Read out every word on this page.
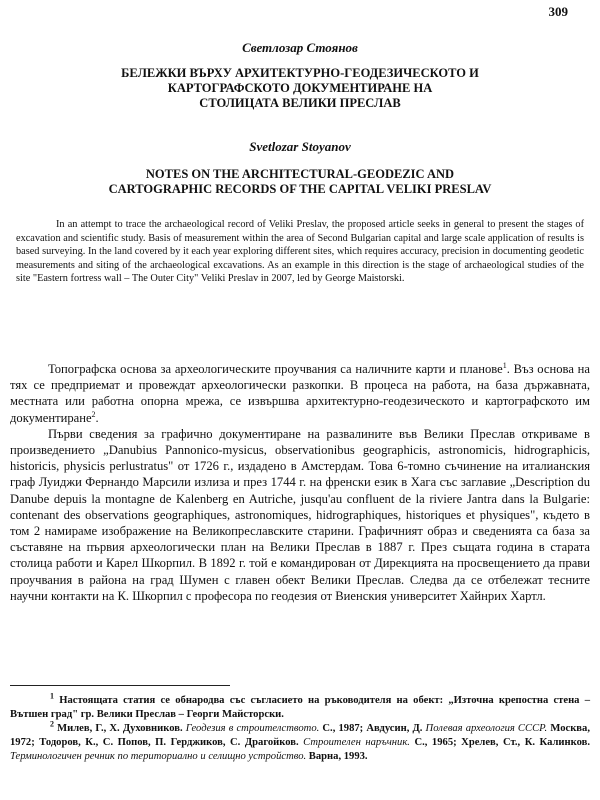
309

Светлозар Стоянов

БЕЛЕЖКИ ВЪРХУ АРХИТЕКТУРНО-ГЕОДЕЗИЧЕСКОТО И

КАРТОГРАФСКОТО ДОКУМЕНТИРАНЕ НА

СТОЛИЦАТА ВЕЛИКИ ПРЕСЛАВ

Svetlozar Stoyanov

NOTES ON THE ARCHITECTURAL-GEODEZIC AND

CARTOGRAPHIC RECORDS OF THE CAPITAL VELIKI PRESLAV

In an attempt to trace the archaeological record of Veliki Preslav, the proposed article seeks in general to present the stages of excavation and scientific study. Basis of measurement within the area of Second Bulgarian capital and large scale application of results is based surveying. In the land covered by it each year exploring different sites, which requires accuracy, precision in documenting geodetic measurements and siting of the archaeological excavations. As an example in this direction is the stage of archaeological studies of the site "Eastern fortress wall – The Outer City" Veliki Preslav in 2007, led by George Maistorski.

Топографска основа за археологическите проучвания са наличните карти и планове$^1$. Въз основа на тях се предприемат и провеждат археологически разкопки. В процеса на работа, на база държавната, местната или работна опорна мрежа, се извършва архитектурно-геодезическото и картографското им документиране$^2$.

Първи сведения за графично документиране на развалините във Велики Преслав откриваме в произведението „Danubius Pannonico-mysicus, observationibus geographicis, astronomicis, hidrographicis, historicis, physicis perlustratus" от 1726 г., издадено в Амстердам. Това 6-томно съчинение на италианския граф Луиджи Фернандо Марсили излиза и през 1744 г. на френски език в Хага със заглавие „Description du Danube depuis la montagne de Kalenberg en Autriche, jusqu'au confluent de la riviere Jantra dans la Bulgarie: contenant des observations geographiques, astronomiques, hidrographiques, historiques et physiques", където в том 2 намираме изображение на Великопреславските старини. Графичният образ и сведенията са база за съставяне на първия археологически план на Велики Преслав в 1887 г. През същата година в старата столица работи и Карел Шкорпил. В 1892 г. той е командирован от Дирекцията на просвещението да прави проучвания в района на град Шумен с главен обект Велики Преслав. Следва да се отбележат тесните научни контакти на К. Шкорпил с професора по геодезия от Виенския университет Хайнрих Хартл.

$^1$ Настоящата статия се обнародва със съгласието на ръководителя на обект: „Източна крепостна стена – Вътшен град" гр. Велики Преслав – Георги Майсторски.

$^2$ Милев, Г., Х. Духовников. Геодезия в строителството. С., 1987; Авдусин, Д. Полевая археология СССР. Москва, 1972; Тодоров, К., С. Попов, П. Герджиков, С. Драгойков. Строителен наръчник. С., 1965; Хрелев, Ст., К. Калинков. Терминологичен речник по териториално и селищно устройство. Варна, 1993.
